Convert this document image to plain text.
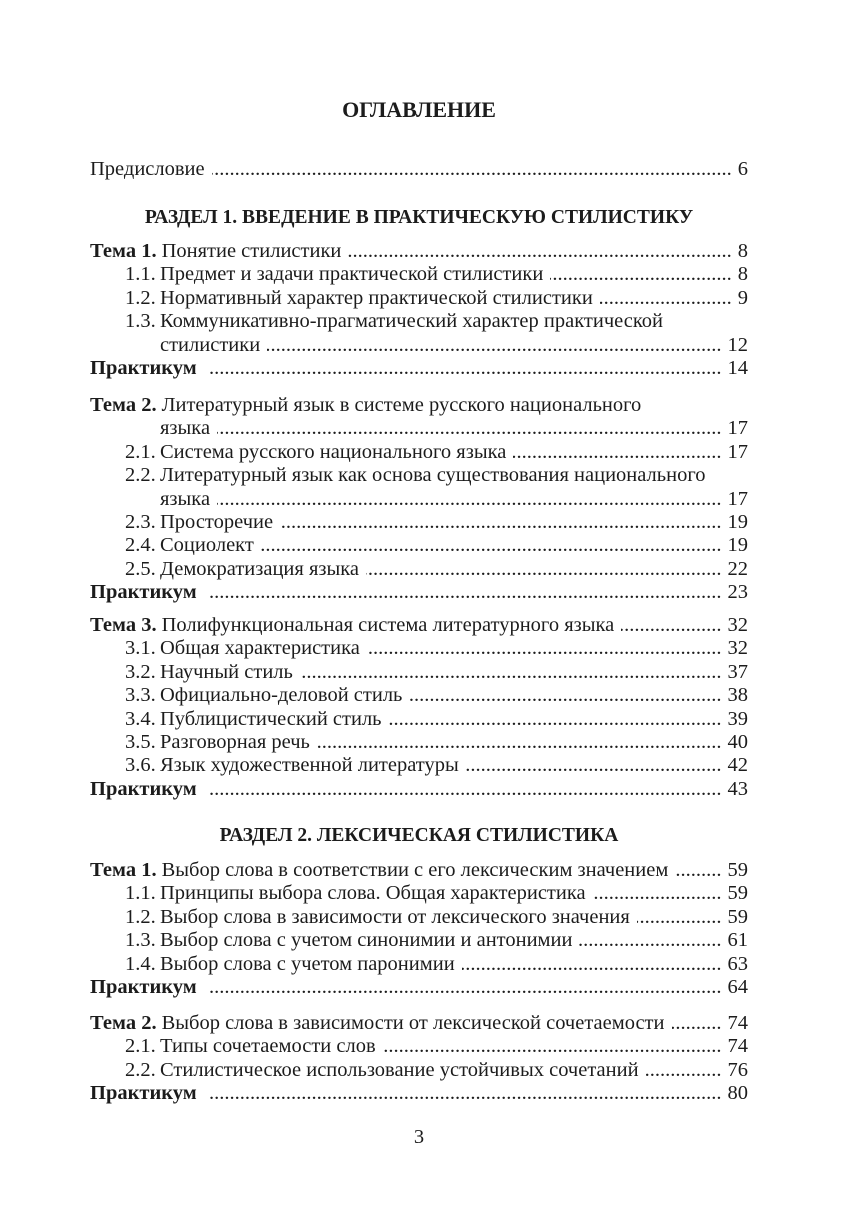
ОГЛАВЛЕНИЕ
Предисловие .....	6
РАЗДЕЛ 1. ВВЕДЕНИЕ В ПРАКТИЧЕСКУЮ СТИЛИСТИКУ
Тема 1. Понятие стилистики .....	8
1.1. Предмет и задачи практической стилистики .....	8
1.2. Нормативный характер практической стилистики .....	9
1.3. Коммуникативно-прагматический характер практической
стилистики .....	12
Практикум .....	14
Тема 2. Литературный язык в системе русского национального
языка .....	17
2.1. Система русского национального языка .....	17
2.2. Литературный язык как основа существования национального
языка .....	17
2.3. Просторечие .....	19
2.4. Социолект .....	19
2.5. Демократизация языка .....	22
Практикум .....	23
Тема 3. Полифункциональная система литературного языка .....	32
3.1. Общая характеристика .....	32
3.2. Научный стиль .....	37
3.3. Официально-деловой стиль .....	38
3.4. Публицистический стиль .....	39
3.5. Разговорная речь .....	40
3.6. Язык художественной литературы .....	42
Практикум .....	43
РАЗДЕЛ 2. ЛЕКСИЧЕСКАЯ СТИЛИСТИКА
Тема 1. Выбор слова в соответствии с его лексическим значением .....	59
1.1. Принципы выбора слова. Общая характеристика .....	59
1.2. Выбор слова в зависимости от лексического значения .....	59
1.3. Выбор слова с учетом синонимии и антонимии .....	61
1.4. Выбор слова с учетом паронимии .....	63
Практикум .....	64
Тема 2. Выбор слова в зависимости от лексической сочетаемости .....	74
2.1. Типы сочетаемости слов .....	74
2.2. Стилистическое использование устойчивых сочетаний .....	76
Практикум .....	80
3
